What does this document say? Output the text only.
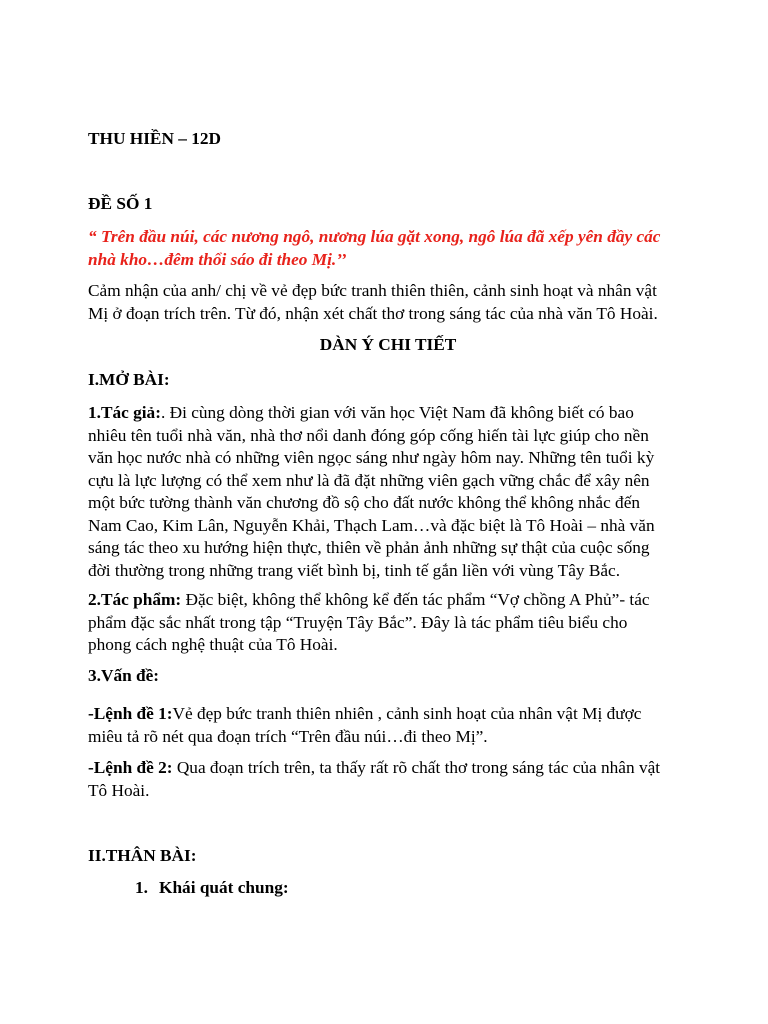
THU HIỀN – 12D
ĐỀ SỐ 1

“ Trên đầu núi, các nương ngô, nương lúa gặt xong, ngô lúa đã xếp yên đầy các

nhà kho…đêm thổi sáo đi theo Mị.’’

Cảm nhận của anh/ chị về vẻ đẹp bức tranh thiên thiên, cảnh sinh hoạt và nhân vật

Mị ở đoạn trích trên. Từ đó, nhận xét chất thơ trong sáng tác của nhà văn Tô Hoài.

DÀN Ý CHI TIẾT
I.MỞ BÀI:

1.Tác giả:. Đi cùng dòng thời gian với văn học Việt Nam đã không biết có bao

nhiêu tên tuổi nhà văn, nhà thơ nổi danh đóng góp cống hiến tài lực giúp cho nền

văn học nước nhà có những viên ngọc sáng như ngày hôm nay. Những tên tuổi kỳ

cựu là lực lượng có thể xem như là đã đặt những viên gạch vững chắc để xây nên

một bức tường thành văn chương đồ sộ cho đất nước không thể không nhắc đến

Nam Cao, Kim Lân, Nguyễn Khải, Thạch Lam…và đặc biệt là Tô Hoài – nhà văn

sáng tác theo xu hướng hiện thực, thiên về phản ảnh những sự thật của cuộc sống

đời thường trong những trang viết bình bị, tinh tế gắn liền với vùng Tây Bắc.

2.Tác phẩm: Đặc biệt, không thể không kể đến tác phẩm “Vợ chồng A Phủ”- tác

phẩm đặc sắc nhất trong tập “Truyện Tây Bắc”. Đây là tác phẩm tiêu biểu cho

phong cách nghệ thuật của Tô Hoài.

3.Vấn đề:

-Lệnh đề 1:Vẻ đẹp bức tranh thiên nhiên , cảnh sinh hoạt của nhân vật Mị được

miêu tả rõ nét qua đoạn trích “Trên đầu núi…đi theo Mị”.

-Lệnh đề 2: Qua đoạn trích trên, ta thấy rất rõ chất thơ trong sáng tác của nhân vật

Tô Hoài.

II.THÂN BÀI:
1. Khái quát chung:
